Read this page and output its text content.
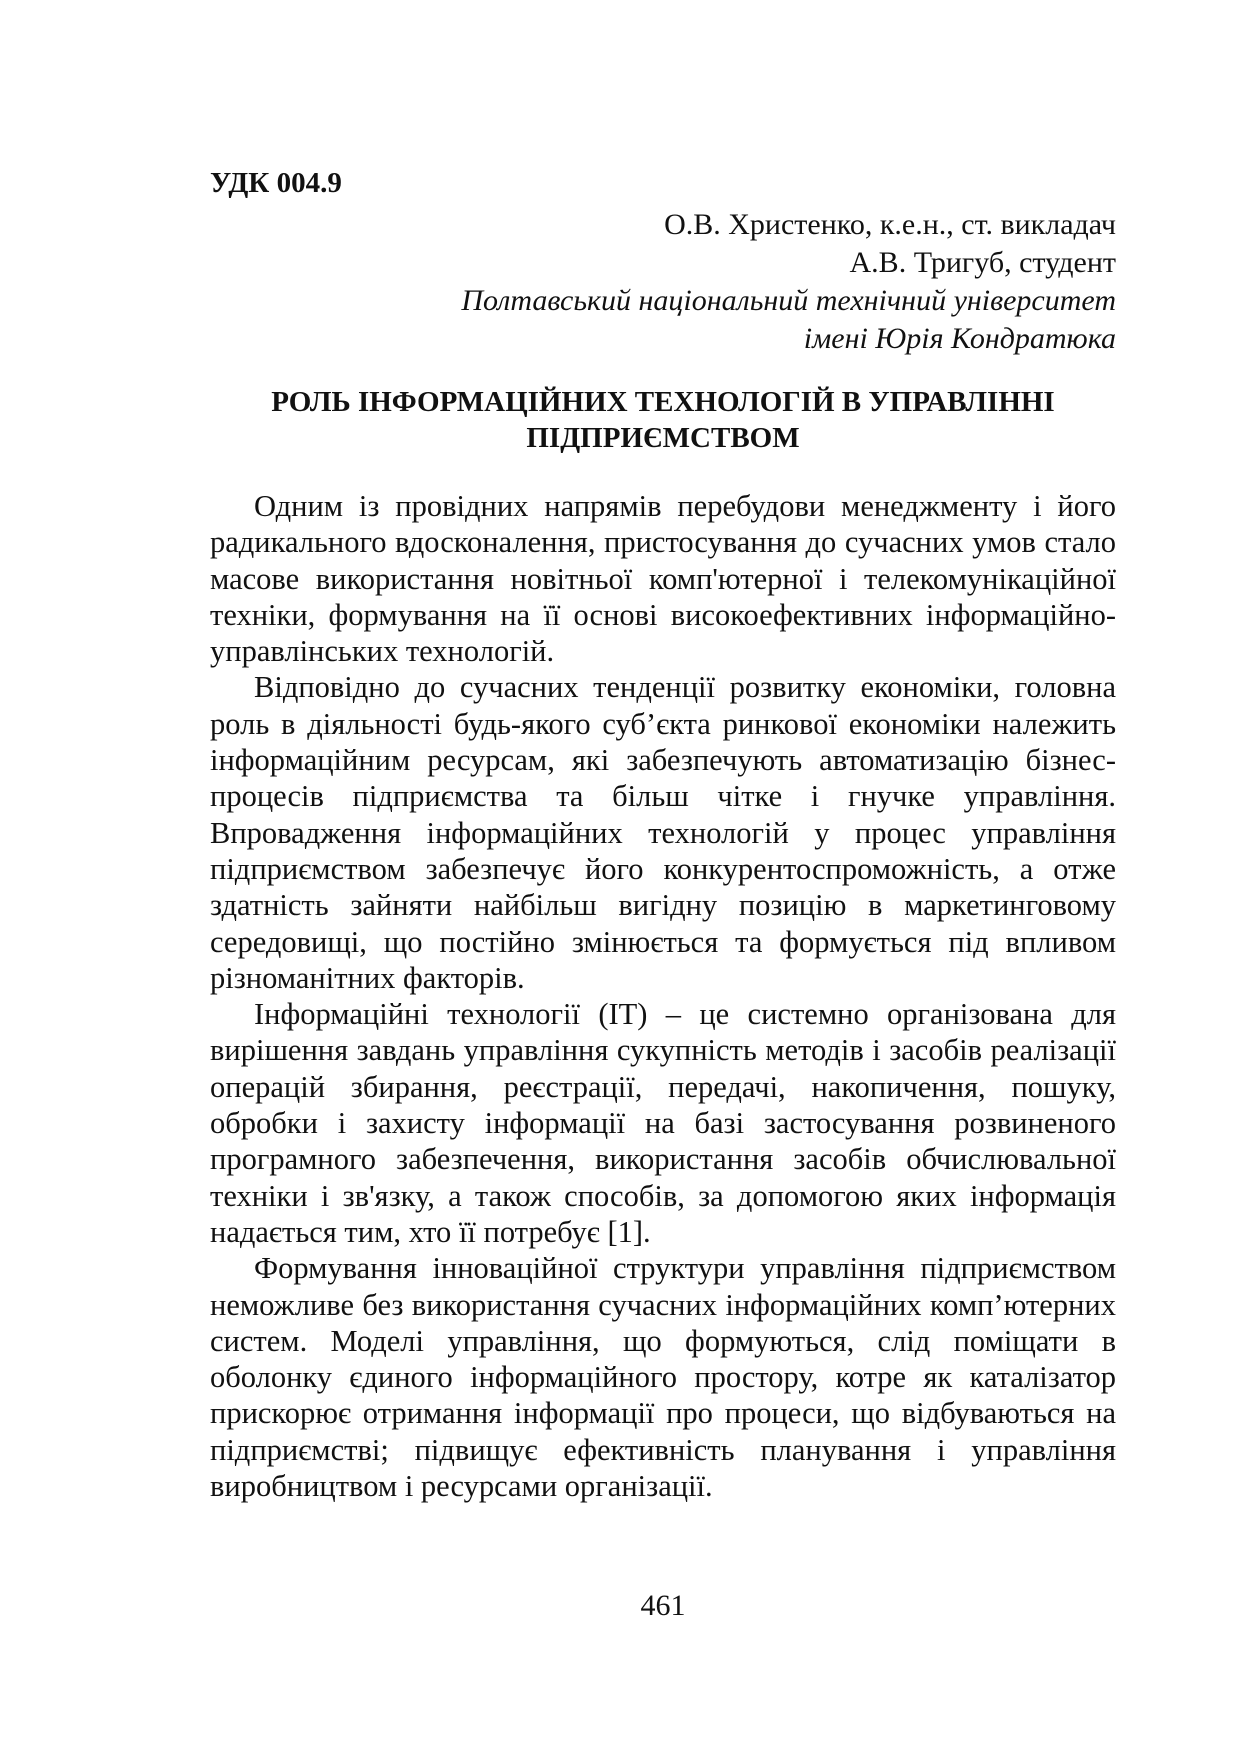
УДК 004.9
О.В. Христенко, к.е.н., ст. викладач
А.В. Тригуб, студент
Полтавський національний технічний університет
імені Юрія Кондратюка
РОЛЬ ІНФОРМАЦІЙНИХ ТЕХНОЛОГІЙ В УПРАВЛІННІ
ПІДПРИЄМСТВОМ

Одним із провідних напрямів перебудови менеджменту і його радикального вдосконалення, пристосування до сучасних умов стало масове використання новітньої комп'ютерної і телекомунікаційної техніки, формування на її основі високоефективних інформаційно-управлінських технологій.

Відповідно до сучасних тенденції розвитку економіки, головна роль в діяльності будь-якого суб’єкта ринкової економіки належить інформаційним ресурсам, які забезпечують автоматизацію бізнес-процесів підприємства та більш чітке і гнучке управління. Впровадження інформаційних технологій у процес управління підприємством забезпечує його конкурентоспроможність, а отже здатність зайняти найбільш вигідну позицію в маркетинговому середовищі, що постійно змінюється та формується під впливом різноманітних факторів.

Інформаційні технології (ІТ) – це системно організована для вирішення завдань управління сукупність методів і засобів реалізації операцій збирання, реєстрації, передачі, накопичення, пошуку, обробки і захисту інформації на базі застосування розвиненого програмного забезпечення, використання засобів обчислювальної техніки і зв'язку, а також способів, за допомогою яких інформація надається тим, хто її потребує [1].

Формування інноваційної структури управління підприємством неможливе без використання сучасних інформаційних комп’ютерних систем. Моделі управління, що формуються, слід поміщати в оболонку єдиного інформаційного простору, котре як каталізатор прискорює отримання інформації про процеси, що відбуваються на підприємстві; підвищує ефективність планування і управління виробництвом і ресурсами організації.

461
